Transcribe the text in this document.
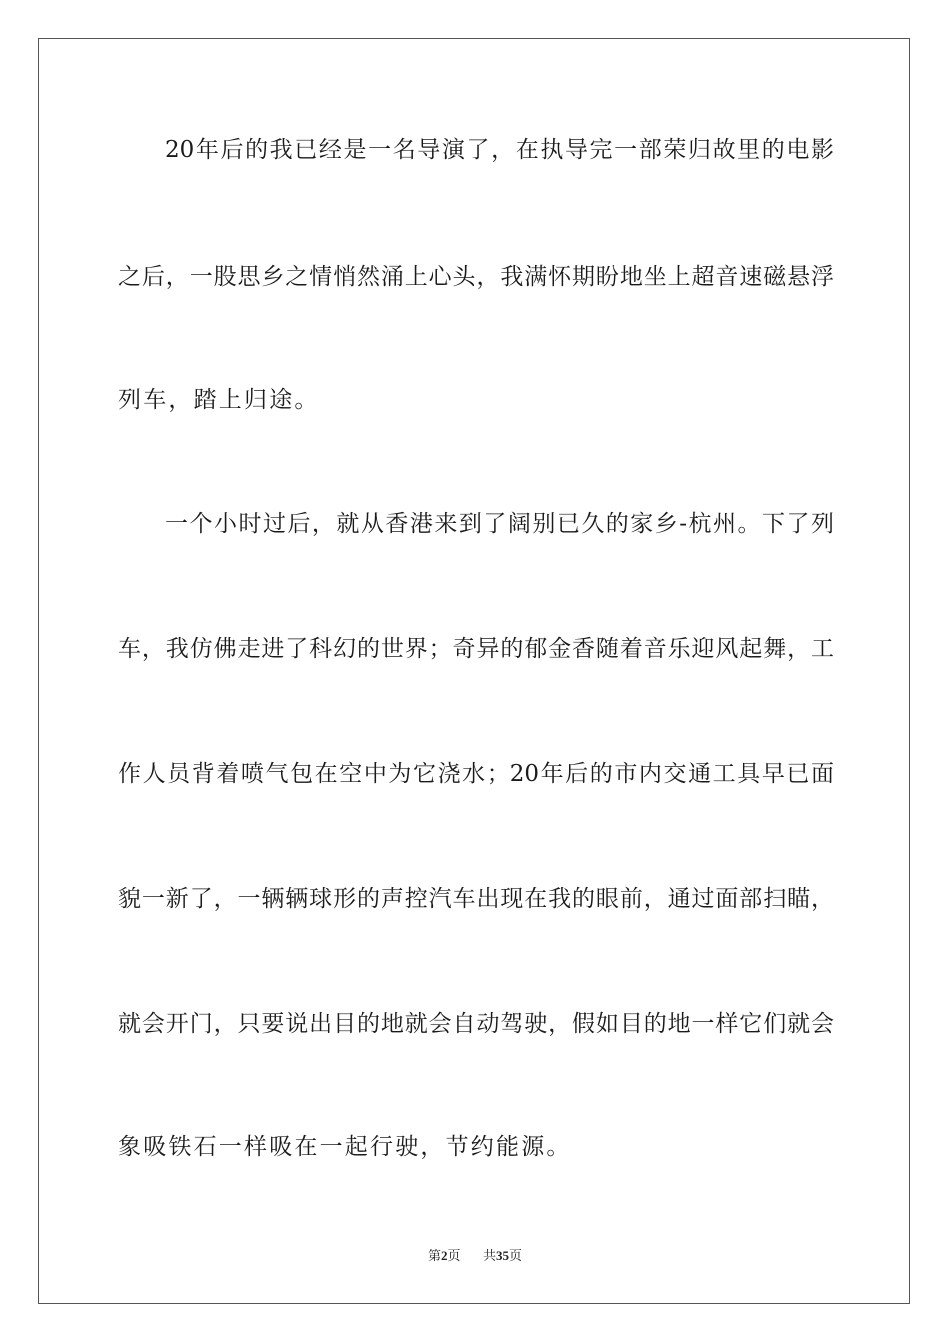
20年后的我已经是一名导演了，在执导完一部荣归故里的电影
之后，一股思乡之情悄然涌上心头，我满怀期盼地坐上超音速磁悬浮
列车，踏上归途。
一个小时过后，就从香港来到了阔别已久的家乡-杭州。下了列
车，我仿佛走进了科幻的世界；奇异的郁金香随着音乐迎风起舞，工
作人员背着喷气包在空中为它浇水；20年后的市内交通工具早已面
貌一新了，一辆辆球形的声控汽车出现在我的眼前，通过面部扫瞄，
就会开门，只要说出目的地就会自动驾驶，假如目的地一样它们就会
象吸铁石一样吸在一起行驶，节约能源。
第2页 共35页
